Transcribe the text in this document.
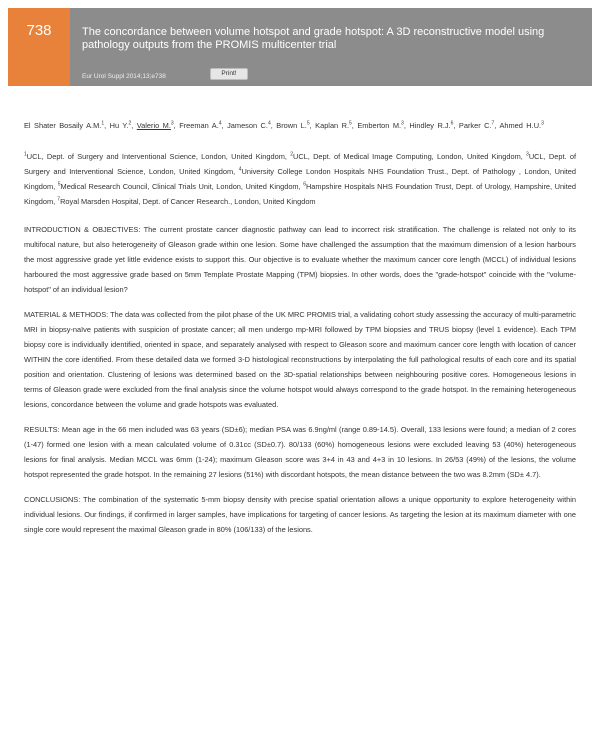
738	The concordance between volume hotspot and grade hotspot: A 3D reconstructive model using pathology outputs from the PROMIS multicenter trial
Eur Urol Suppl 2014;13;e738	Print!

El Shater Bosaily A.M.$^1$, Hu Y.$^2$, Valerio M.$^3$, Freeman A.$^4$, Jameson C.$^4$, Brown L.$^5$, Kaplan R.$^5$, Emberton M.$^3$, Hindley R.J.$^6$, Parker C.$^7$, Ahmed H.U.$^3$

$^1$UCL, Dept. of Surgery and Interventional Science, London, United Kingdom, $^2$UCL, Dept. of Medical Image Computing, London, United Kingdom, $^3$UCL, Dept. of Surgery and Interventional Science, London, United Kingdom, $^4$University College London Hospitals NHS Foundation Trust., Dept. of Pathology , London, United Kingdom, $^5$Medical Research Council, Clinical Trials Unit, London, United Kingdom, $^6$Hampshire Hospitals NHS Foundation Trust, Dept. of Urology, Hampshire, United Kingdom, $^7$Royal Marsden Hospital, Dept. of Cancer Research., London, United Kingdom

INTRODUCTION & OBJECTIVES: The current prostate cancer diagnostic pathway can lead to incorrect risk stratification. The challenge is related not only to its multifocal nature, but also heterogeneity of Gleason grade within one lesion. Some have challenged the assumption that the maximum dimension of a lesion harbours the most aggressive grade yet little evidence exists to support this. Our objective is to evaluate whether the maximum cancer core length (MCCL) of individual lesions harboured the most aggressive grade based on 5mm Template Prostate Mapping (TPM) biopsies. In other words, does the "grade-hotspot" coincide with the "volume-hotspot" of an individual lesion?

MATERIAL & METHODS: The data was collected from the pilot phase of the UK MRC PROMIS trial, a validating cohort study assessing the accuracy of multi-parametric MRI in biopsy-naïve patients with suspicion of prostate cancer; all men undergo mp-MRI followed by TPM biopsies and TRUS biopsy (level 1 evidence). Each TPM biopsy core is individually identified, oriented in space, and separately analysed with respect to Gleason score and maximum cancer core length with location of cancer WITHIN the core identified. From these detailed data we formed 3-D histological reconstructions by interpolating the full pathological results of each core and its spatial position and orientation. Clustering of lesions was determined based on the 3D-spatial relationships between neighbouring positive cores. Homogeneous lesions in terms of Gleason grade were excluded from the final analysis since the volume hotspot would always correspond to the grade hotspot. In the remaining heterogeneous lesions, concordance between the volume and grade hotspots was evaluated.

RESULTS: Mean age in the 66 men included was 63 years (SD±6); median PSA was 6.9ng/ml (range 0.89-14.5). Overall, 133 lesions were found; a median of 2 cores (1-47) formed one lesion with a mean calculated volume of 0.31cc (SD±0.7). 80/133 (60%) homogeneous lesions were excluded leaving 53 (40%) heterogeneous lesions for final analysis. Median MCCL was 6mm (1-24); maximum Gleason score was 3+4 in 43 and 4+3 in 10 lesions. In 26/53 (49%) of the lesions, the volume hotspot represented the grade hotspot. In the remaining 27 lesions (51%) with discordant hotspots, the mean distance between the two was 8.2mm (SD± 4.7).

CONCLUSIONS: The combination of the systematic 5-mm biopsy density with precise spatial orientation allows a unique opportunity to explore heterogeneity within individual lesions. Our findings, if confirmed in larger samples, have implications for targeting of cancer lesions. As targeting the lesion at its maximum diameter with one single core would represent the maximal Gleason grade in 80% (106/133) of the lesions.
